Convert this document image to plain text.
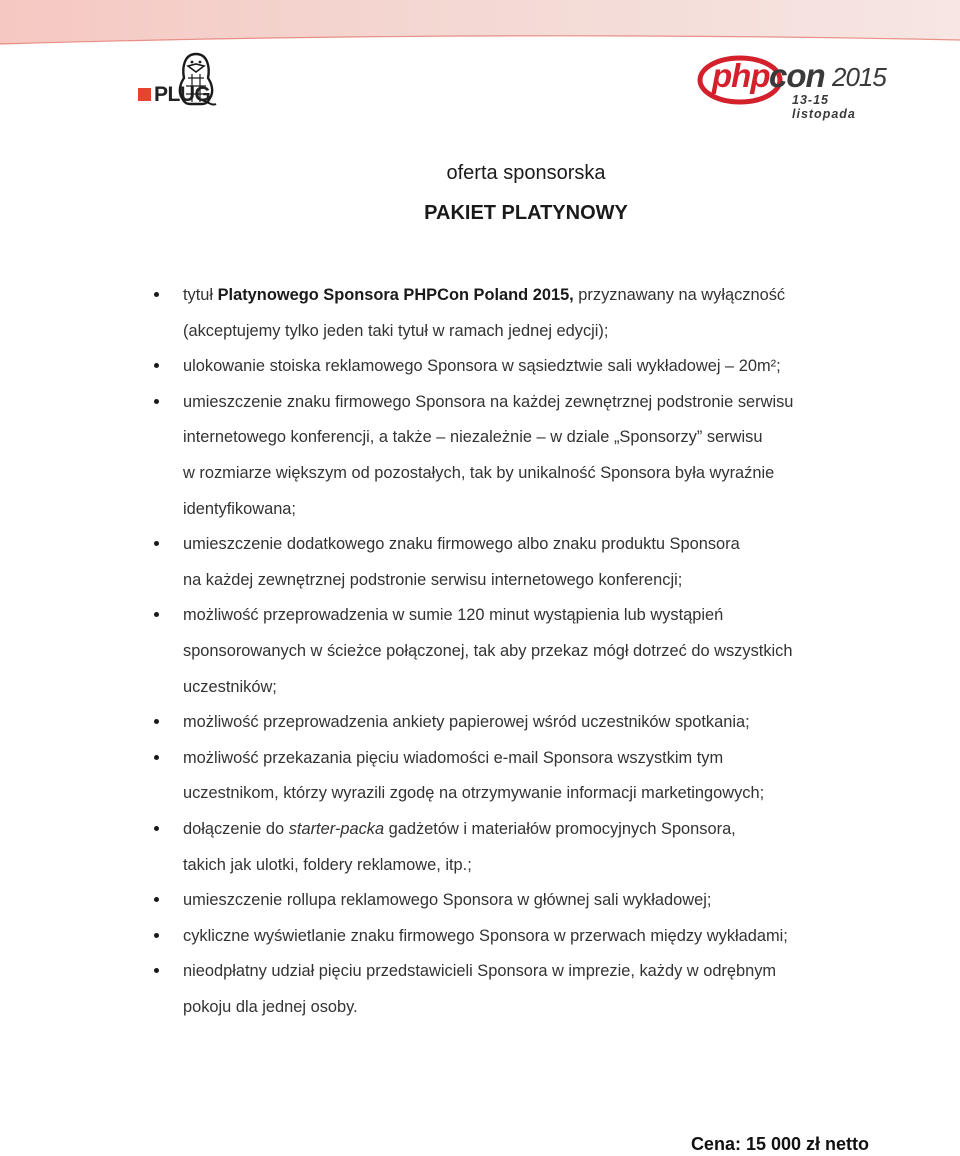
PLUG
php con 2015
13-15 listopada
oferta sponsorska
PAKIET PLATYNOWY
tytuł Platynowego Sponsora PHPCon Poland 2015, przyznawany na wyłączność
(akceptujemy tylko jeden taki tytuł w ramach jednej edycji);
ulokowanie stoiska reklamowego Sponsora w sąsiedztwie sali wykładowej – 20m²;
umieszczenie znaku firmowego Sponsora na każdej zewnętrznej podstronie serwisu
internetowego konferencji, a także – niezależnie – w dziale „Sponsorzy” serwisu
w rozmiarze większym od pozostałych, tak by unikalność Sponsora była wyraźnie
identyfikowana;
umieszczenie dodatkowego znaku firmowego albo znaku produktu Sponsora
na każdej zewnętrznej podstronie serwisu internetowego konferencji;
możliwość przeprowadzenia w sumie 120 minut wystąpienia lub wystąpień
sponsorowanych w ścieżce połączonej, tak aby przekaz mógł dotrzeć do wszystkich
uczestników;
możliwość przeprowadzenia ankiety papierowej wśród uczestników spotkania;
możliwość przekazania pięciu wiadomości e-mail Sponsora wszystkim tym
uczestnikom, którzy wyrazili zgodę na otrzymywanie informacji marketingowych;
dołączenie do starter-packa gadżetów i materiałów promocyjnych Sponsora,
takich jak ulotki, foldery reklamowe, itp.;
umieszczenie rollupa reklamowego Sponsora w głównej sali wykładowej;
cykliczne wyświetlanie znaku firmowego Sponsora w przerwach między wykładami;
nieodpłatny udział pięciu przedstawicieli Sponsora w imprezie, każdy w odrębnym
pokoju dla jednej osoby.
Cena: 15 000 zł netto
